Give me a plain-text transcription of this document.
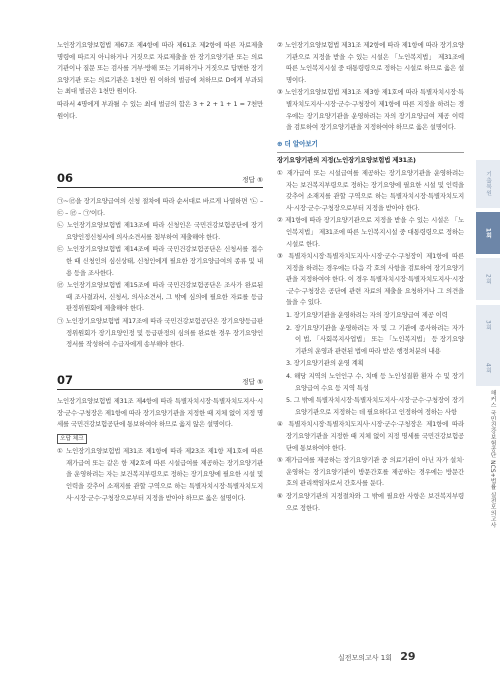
노인장기요양보험법 제67조 제4항에 따라 제61조 제2항에 따른 자료제출 명령에 따르지 아니하거나 거짓으로 자료제출을 한 장기요양기관 또는 의료기관이나 질문 또는 검사를 거부·방해 또는 기피하거나 거짓으로 답변한 장기요양기관 또는 의료기관은 1천만 원 이하의 벌금에 처하므로 D에게 부과되는 최대 벌금은 1천만 원이다.

따라서 4명에게 부과될 수 있는 최대 벌금의 합은 3 + 2 + 1 + 1 = 7천만 원이다.

06	정답 ⑤

㉠~㉣을 장기요양급여의 신청 절차에 따라 순서대로 바르게 나열하면 '㉡ – ㉢ – ㉣ – ㉠'이다.

㉡ 노인장기요양보험법 제13조에 따라 신청인은 국민건강보험공단에 장기요양인정신청서에 의사소견서를 첨부하여 제출해야 한다.

㉢ 노인장기요양보험법 제14조에 따라 국민건강보험공단은 신청서를 접수한 때 신청인의 심신상태, 신청인에게 필요한 장기요양급여의 종류 및 내용 등을 조사한다.

㉣ 노인장기요양보험법 제15조에 따라 국민건강보험공단은 조사가 완료된 때 조사결과서, 신청서, 의사소견서, 그 밖에 심의에 필요한 자료를 등급판정위원회에 제출해야 한다.

㉠ 노인장기요양보험법 제17조에 따라 국민건강보험공단은 장기요양등급판정위원회가 장기요양인정 및 등급판정의 심의를 완료한 경우 장기요양인정서를 작성하여 수급자에게 송부해야 한다.

07	정답 ⑤

노인장기요양보험법 제31조 제4항에 따라 특별자치시장·특별자치도지사·시장·군수·구청장은 제1항에 따라 장기요양기관을 지정한 때 지체 없이 지정 명세를 국민건강보험공단에 통보하여야 하므로 옳지 않은 설명이다.

오답 체크

① 노인장기요양보험법 제31조 제1항에 따라 제23조 제1항 제1호에 따른 재가급여 또는 같은 항 제2호에 따른 시설급여를 제공하는 장기요양기관을 운영하려는 자는 보건복지부령으로 정하는 장기요양에 필요한 시설 및 인력을 갖추어 소재지를 관할 구역으로 하는 특별자치시장·특별자치도지사·시장·군수·구청장으로부터 지정을 받아야 하므로 옳은 설명이다.

② 노인장기요양보험법 제31조 제2항에 따라 제1항에 따라 장기요양기관으로 지정을 받을 수 있는 시설은 「노인복지법」 제31조에 따른 노인복지시설 중 대통령령으로 정하는 시설로 하므로 옳은 설명이다.

③ 노인장기요양보험법 제31조 제3항 제1호에 따라 특별자치시장·특별자치도지사·시장·군수·구청장이 제1항에 따른 지정을 하려는 경우에는 장기요양기관을 운영하려는 자의 장기요양급여 제공 이력을 검토하여 장기요양기관을 지정하여야 하므로 옳은 설명이다.

⊕ 더 알아보기

장기요양기관의 지정(노인장기요양보험법 제31조)

① 재가급여 또는 시설급여를 제공하는 장기요양기관을 운영하려는 자는 보건복지부령으로 정하는 장기요양에 필요한 시설 및 인력을 갖추어 소재지를 관할 구역으로 하는 특별자치시장·특별자치도지사·시장·군수·구청장으로부터 지정을 받아야 한다.

② 제1항에 따라 장기요양기관으로 지정을 받을 수 있는 시설은 「노인복지법」 제31조에 따른 노인복지시설 중 대통령령으로 정하는 시설로 한다.

③ 특별자치시장·특별자치도지사·시장·군수·구청장이 제1항에 따른 지정을 하려는 경우에는 다음 각 호의 사항을 검토하여 장기요양기관을 지정하여야 한다. 이 경우 특별자치시장·특별자치도지사·시장·군수·구청장은 공단에 관련 자료의 제출을 요청하거나 그 의견을 들을 수 있다.

1. 장기요양기관을 운영하려는 자의 장기요양급여 제공 이력

2. 장기요양기관을 운영하려는 자 및 그 기관에 종사하려는 자가 이 법, 「사회복지사업법」 또는 「노인복지법」 등 장기요양기관의 운영과 관련된 법에 따라 받은 행정처분의 내용

3. 장기요양기관의 운영 계획

4. 해당 지역의 노인인구 수, 치매 등 노인성질환 환자 수 및 장기요양급여 수요 등 지역 특성

5. 그 밖에 특별자치시장·특별자치도지사·시장·군수·구청장이 장기요양기관으로 지정하는 데 필요하다고 인정하여 정하는 사항

④ 특별자치시장·특별자치도지사·시장·군수·구청장은 제1항에 따라 장기요양기관을 지정한 때 지체 없이 지정 명세를 국민건강보험공단에 통보하여야 한다.

⑤ 재가급여를 제공하는 장기요양기관 중 의료기관이 아닌 자가 설치·운영하는 장기요양기관이 방문간호를 제공하는 경우에는 방문간호의 관리책임자로서 간호사를 둔다.

⑥ 장기요양기관의 지정절차와 그 밖에 필요한 사항은 보건복지부령으로 정한다.

기출복원
1회
2회
3회
4회
해커스 국민건강보험공단 NCS+법률 실전모의고사
실전모의고사 1회 29
